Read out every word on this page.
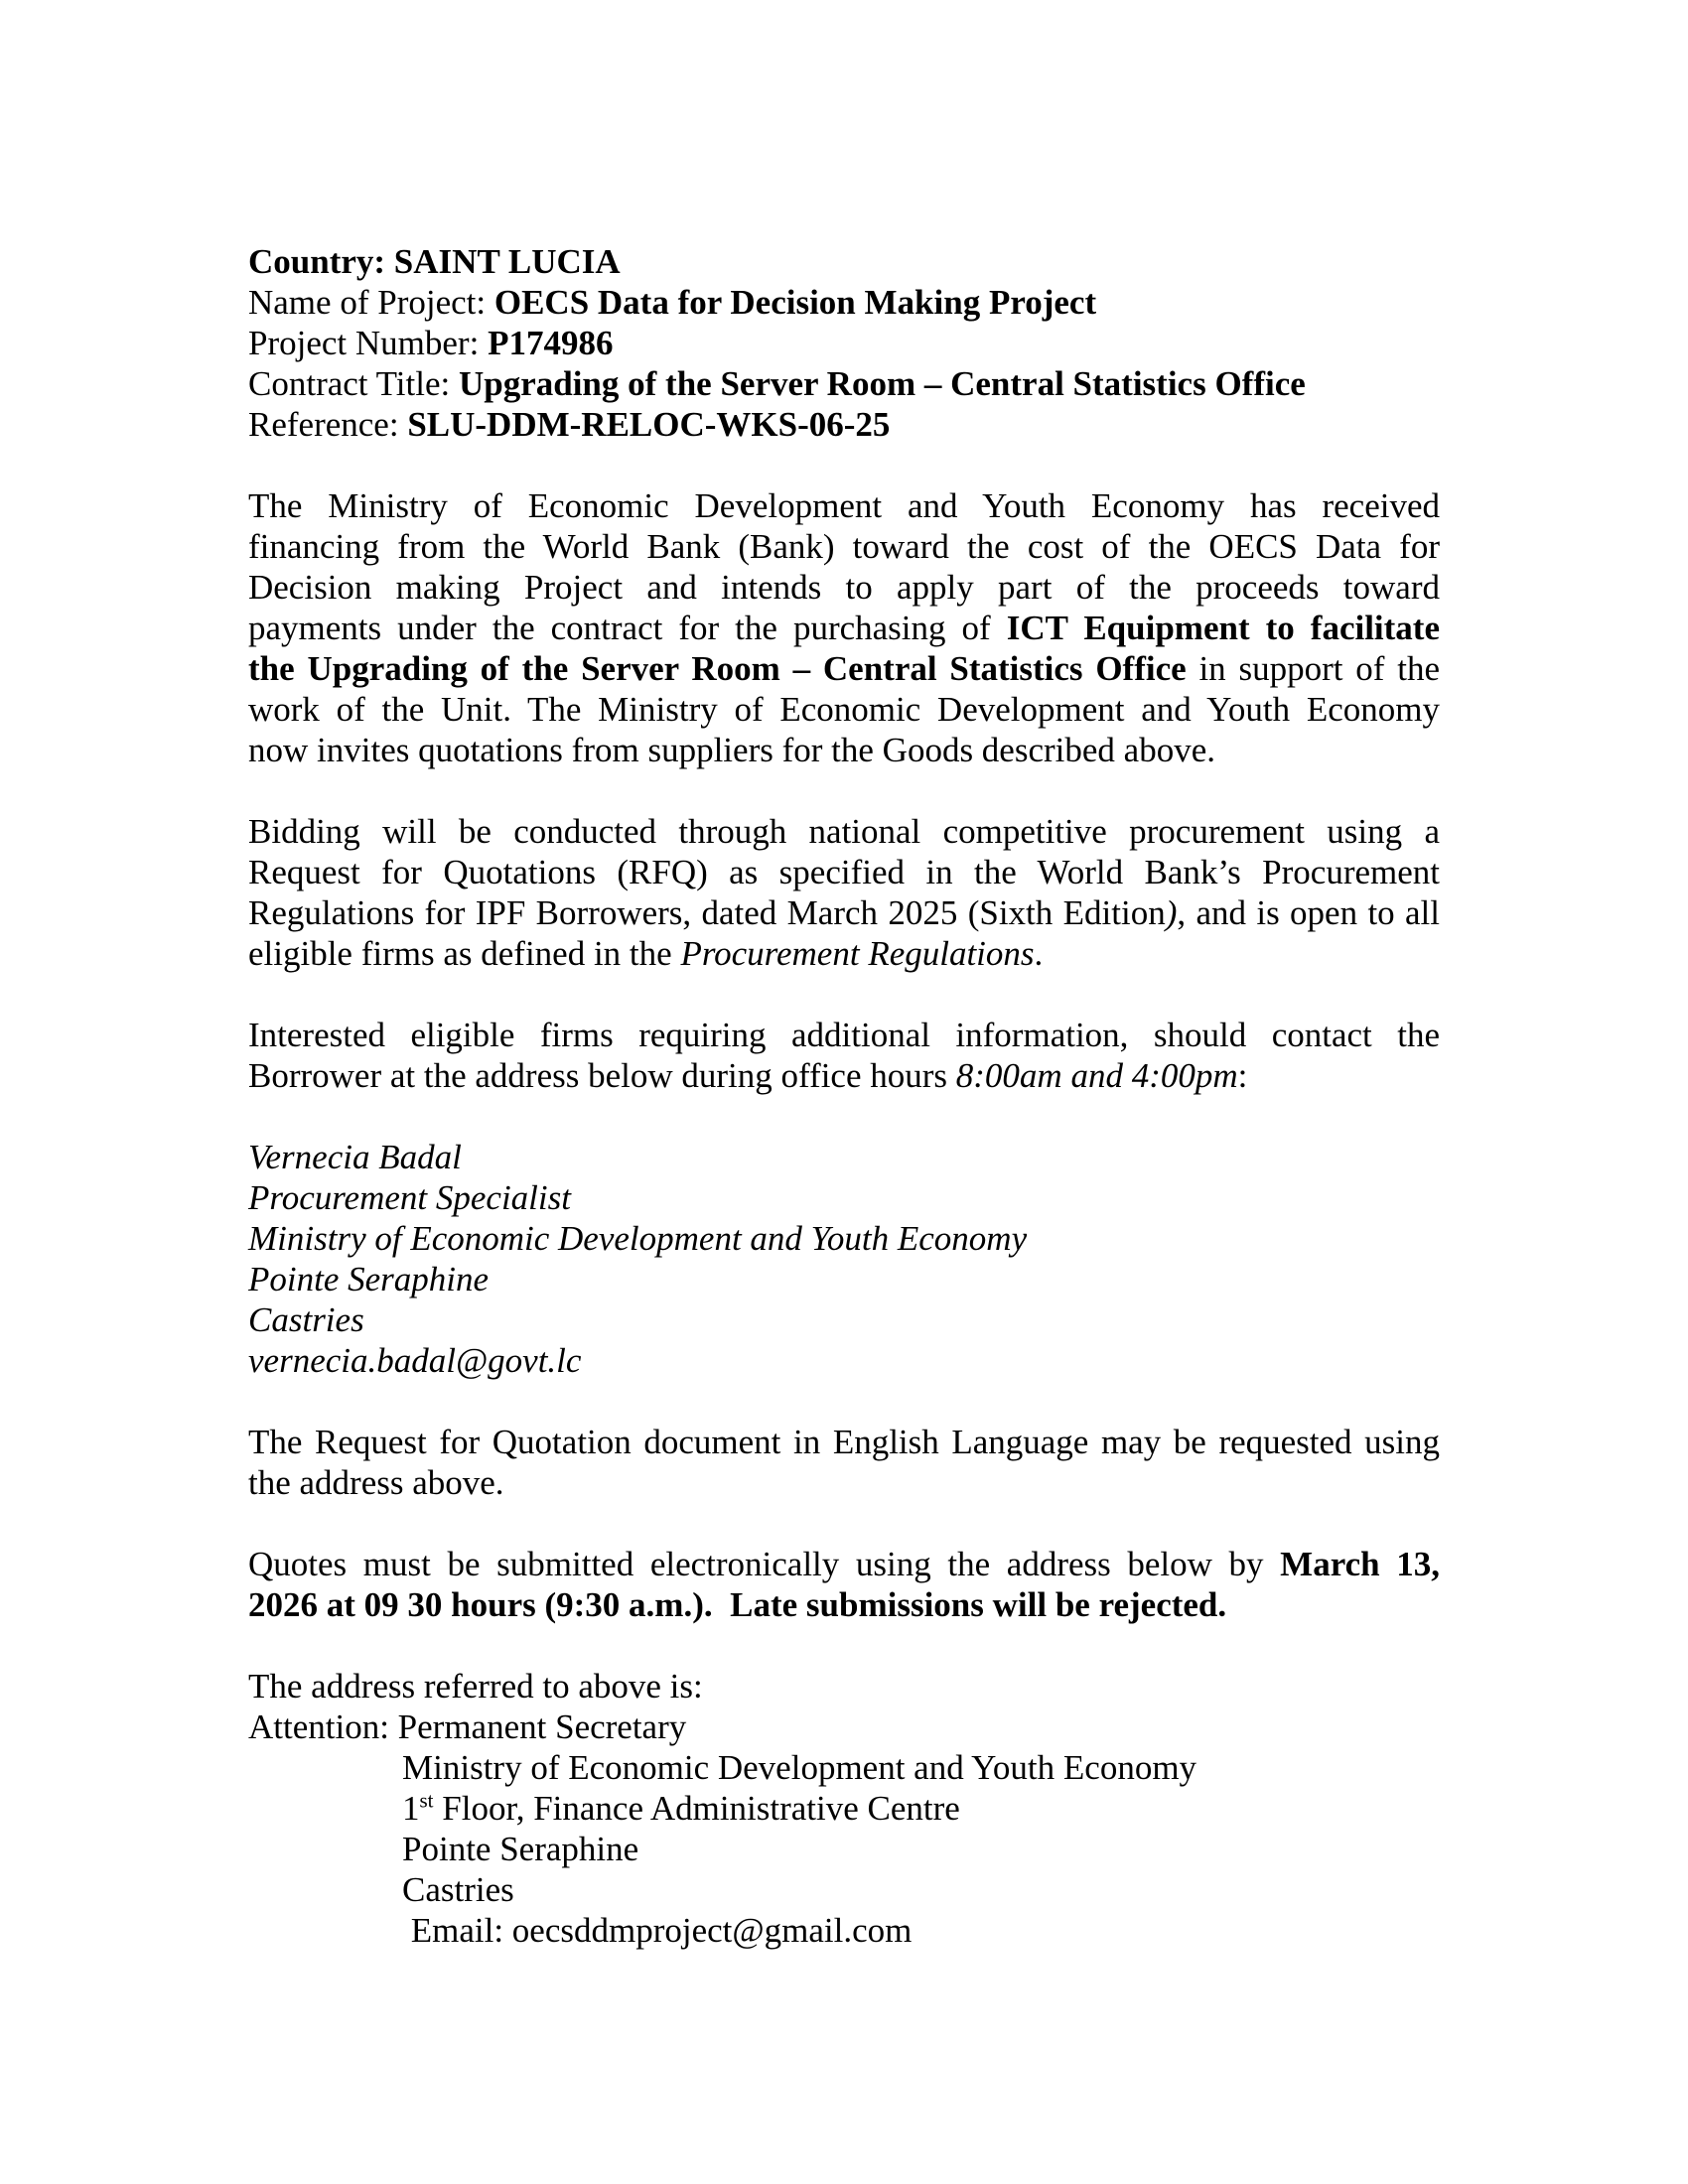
Country: SAINT LUCIA
Name of Project: OECS Data for Decision Making Project
Project Number: P174986
Contract Title: Upgrading of the Server Room – Central Statistics Office
Reference: SLU-DDM-RELOC-WKS-06-25
The Ministry of Economic Development and Youth Economy has received
financing from the World Bank (Bank) toward the cost of the OECS Data for
Decision making Project and intends to apply part of the proceeds toward
payments under the contract for the purchasing of ICT Equipment to facilitate
the Upgrading of the Server Room – Central Statistics Office in support of the
work of the Unit. The Ministry of Economic Development and Youth Economy
now invites quotations from suppliers for the Goods described above.
Bidding will be conducted through national competitive procurement using a
Request for Quotations (RFQ) as specified in the World Bank’s Procurement
Regulations for IPF Borrowers, dated March 2025 (Sixth Edition), and is open to all
eligible firms as defined in the Procurement Regulations.
Interested eligible firms requiring additional information, should contact the
Borrower at the address below during office hours 8:00am and 4:00pm:
Vernecia Badal
Procurement Specialist
Ministry of Economic Development and Youth Economy
Pointe Seraphine
Castries
vernecia.badal@govt.lc
The Request for Quotation document in English Language may be requested using
the address above.
Quotes must be submitted electronically using the address below by March 13,
2026 at 09 30 hours (9:30 a.m.).  Late submissions will be rejected.
The address referred to above is:
Attention: Permanent Secretary
Ministry of Economic Development and Youth Economy
1st Floor, Finance Administrative Centre
Pointe Seraphine
Castries
Email: oecsddmproject@gmail.com
